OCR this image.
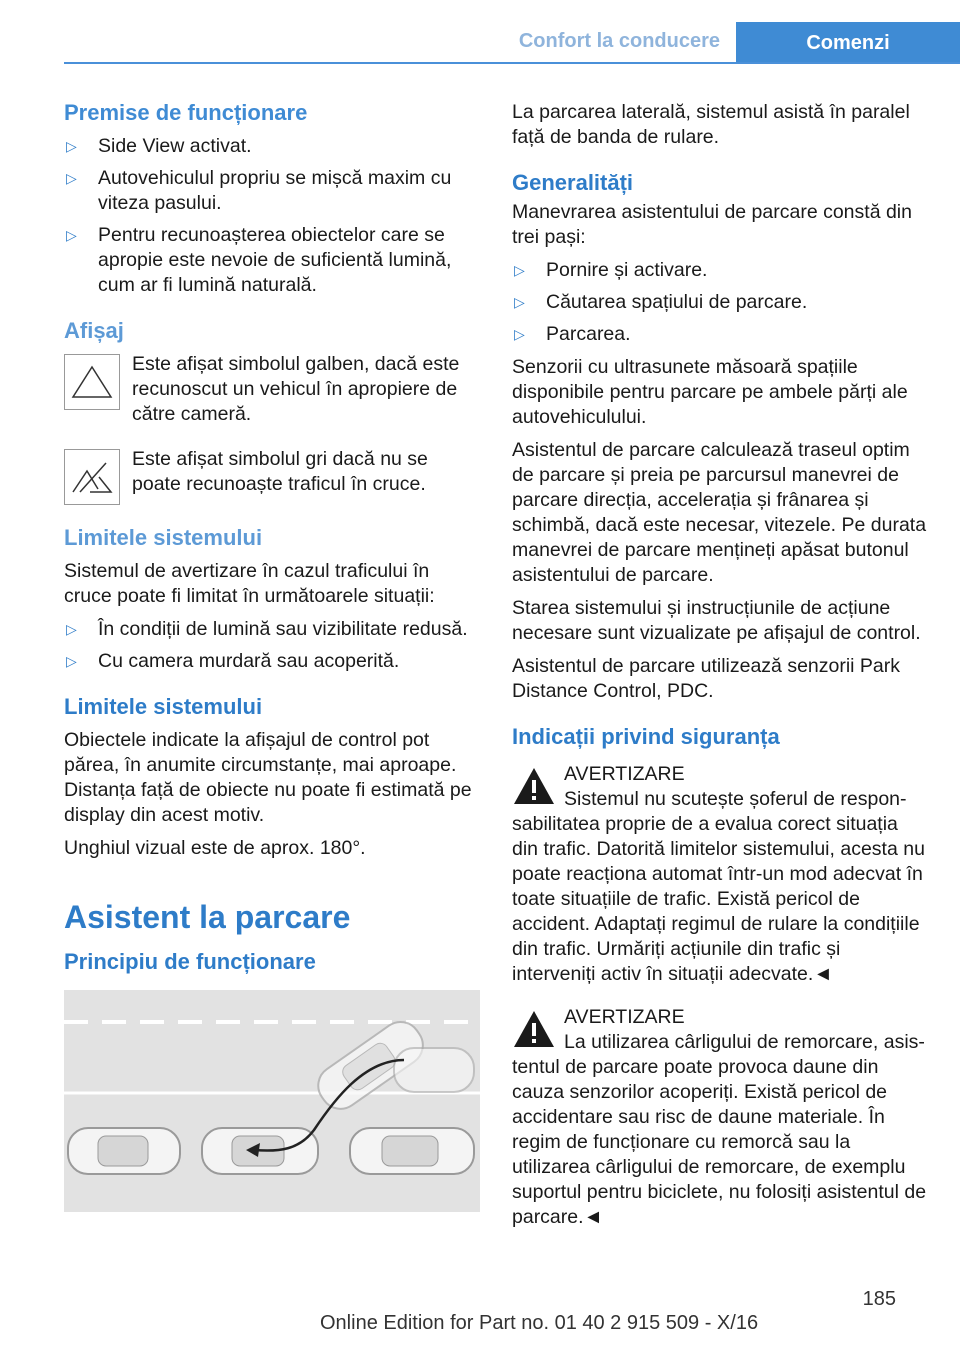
Confort la conducere	Comenzi
Premise de funcționare
▷ Side View activat.
▷ Autovehiculul propriu se mișcă maxim cu viteza pasului.
▷ Pentru recunoașterea obiectelor care se apropie este nevoie de suficientă lumină, cum ar fi lumină naturală.
Afișaj
Este afișat simbolul galben, dacă este recunoscut un vehicul în apropiere de către cameră.
Este afișat simbolul gri dacă nu se poate recunoaște traficul în cruce.
Limitele sistemului

Sistemul de avertizare în cazul traficului în cruce poate fi limitat în următoarele situații:

▷ În condiții de lumină sau vizibilitate redusă.
▷ Cu camera murdară sau acoperită.
Limitele sistemului

Obiectele indicate la afișajul de control pot părea, în anumite circumstanțe, mai aproape. Distanța față de obiecte nu poate fi estimată pe display din acest motiv.

Unghiul vizual este de aprox. 180°.

Asistent la parcare
Principiu de funcționare

La parcarea laterală, sistemul asistă în paralel față de banda de rulare.

Generalități

Manevrarea asistentului de parcare constă din trei pași:

▷ Pornire și activare.
▷ Căutarea spațiului de parcare.
▷ Parcarea.

Senzorii cu ultrasunete măsoară spațiile disponibile pentru parcare pe ambele părți ale autovehiculului.

Asistentul de parcare calculează traseul optim de parcare și preia pe parcursul manevrei de parcare direcția, accelerația și frânarea și schimbă, dacă este necesar, vitezele. Pe durata manevrei de parcare mențineți apăsat butonul asistentului de parcare.

Starea sistemului și instrucțiunile de acțiune necesare sunt vizualizate pe afișajul de control.

Asistentul de parcare utilizează senzorii Park Distance Control, PDC.

Indicații privind siguranța
AVERTIZARE
Sistemul nu scutește șoferul de respon-
sabilitatea proprie de a evalua corect situația din trafic. Datorită limitelor sistemului, acesta nu poate reacționa automat într-un mod adecvat în toate situațiile de trafic. Există pericol de accident. Adaptați regimul de rulare la condițiile din trafic. Urmăriți acțiunile din trafic și interveniți activ în situații adecvate.◄
AVERTIZARE
La utilizarea cârligului de remorcare, asis-
tentul de parcare poate provoca daune din cauza senzorilor acoperiți. Există pericol de accidentare sau risc de daune materiale. În regim de funcționare cu remorcă sau la utilizarea cârligului de remorcare, de exemplu suportul pentru biciclete, nu folosiți asistentul de parcare.◄
185
Online Edition for Part no. 01 40 2 915 509 - X/16
